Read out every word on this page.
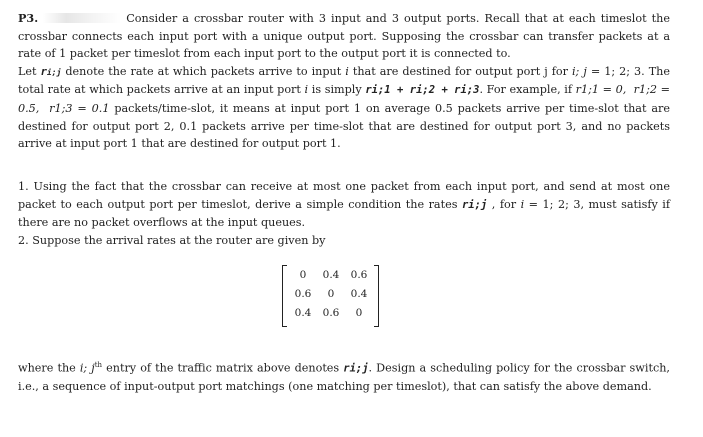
P3.	Consider a crossbar router with 3 input and 3 output ports. Recall that at each timeslot the crossbar connects each input port with a unique output port. Supposing the crossbar can transfer packets at a rate of 1 packet per timeslot from each input port to the output port it is connected to.

Let ri;j denote the rate at which packets arrive to input i that are destined for output port j for i; j = 1; 2; 3. The total rate at which packets arrive at an input port i is simply ri;1 + ri;2 + ri;3. For example, if r1;1 = 0, r1;2 = 0.5, r1;3 = 0.1 packets/time-slot, it means at input port 1 on average 0.5 packets arrive per time-slot that are destined for output port 2, 0.1 packets arrive per time-slot that are destined for output port 3, and no packets arrive at input port 1 that are destined for output port 1.

1. Using the fact that the crossbar can receive at most one packet from each input port, and send at most one packet to each output port per timeslot, derive a simple condition the rates ri;j , for i = 1; 2; 3, must satisfy if there are no packet overflows at the input queues.

2. Suppose the arrival rates at the router are given by

0	0.4	0.6
0.6	0	0.4
0.4	0.6	0

where the i; $j^{th}$ entry of the traffic matrix above denotes ri;j. Design a scheduling policy for the crossbar switch, i.e., a sequence of input-output port matchings (one matching per timeslot), that can satisfy the above demand.
